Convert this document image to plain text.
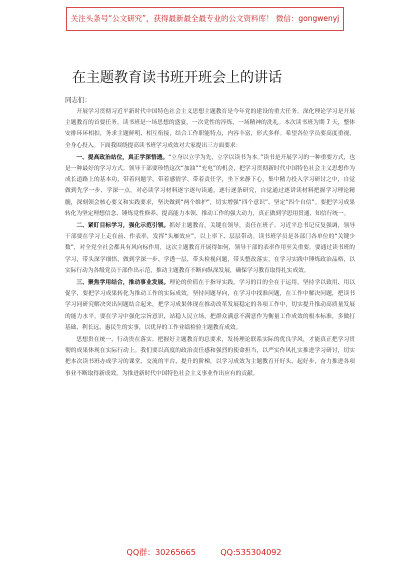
关注头条号“公文研究”，获得最新最全最专业的公文资料库！ 微信：gongwenyj
在主题教育读书班开班会上的讲话
同志们：

开展学习贯彻习近平新时代中国特色社会主义思想主题教育是今年党的建设的重大任务，深化理论学习是开展主题教育的首要任务。读书班是一场思想的盛宴，一次党性的淬炼，一场精神的洗礼。本次读书班为期 7 天，整体安排环环相扣，务求主题鲜明、相互衔接，结合工作职能特点，内容丰富，形式多样。希望各位学员要高度重视，全身心投入。下面我围绕提高读书班学习成效对大家提出三方面要求：

一、提高政治站位，真正学深悟透。“立身以立学为先，立学以读书为本。”读书是开展学习的一种重要方式，也是一种最好的学习方式。领导干部要珍惜这次“加油”“充电”的机会，把学习贯彻新时代中国特色社会主义思想作为成长道路上的基本功，带着问题学、带着感情学、带着责任学，坐下来静下心，集中精力投入学习研讨之中，自觉做到先学一步、学深一点，对必读学习材料逐字逐句读通，逐行逐条研究，自觉通过逐讲读材料把握学习理论精髓，深刻领会核心要义和实践要求，坚决做到“两个维护”，切实增强“四个意识”、坚定“四个自信”。要把学习成果转化为坚定理想信念、锤炼党性修养、提高能力本领、推动工作的强大动力，真正做到学思用贯通、知信行统一。

二、紧盯目标学习，强化示范引领。抓好主题教育，关键在领导，责任在班子。习近平总书记反复强调，领导干部要在学习上走在前、作表率，发挥“头雁效应”，以上率下、层层带动。读书班学员是各部门各单位的“关键少数”，对全党全社会都具有风向标作用，这次主题教育开展得如何，领导干部的表率作用至关重要。要通过读书班的学习，带头深学细悟，做到学深一步、学透一层，带头检视问题，带头整改落实，在学习实践中锤炼政治品格，以实际行动为各级党员干部作出示范，推动主题教育不断向纵深发展，确保学习教育取得扎实成效。

三、聚焦学用结合，推动事业发展。理论的价值在于指导实践，学习的目的全在于运用。坚持学以致用、用以促学，要把学习成果转化为推动工作的实际成效，坚持问题导向，在学习中找准问题，在工作中解决问题，把读书学习同研究解决突出问题结合起来，把学习成果体现在推动改革发展稳定的各项工作中，切实提升推动高质量发展的能力水平。要在学习中强化宗旨意识，站稳人民立场，把群众满意不满意作为衡量工作成效的根本标准，多做打基础、利长远、惠民生的实事，以优异的工作业绩检验主题教育成效。

思想贵在统一，行动贵在落实。把握好主题教育的总要求，发扬理论联系实际的优良学风，才能真正把学习贯彻的成果体现在实际行动上。我们要以高度的政治责任感和强烈的使命担当，以严实作风扎实推进学习研讨，切实把本次读书班办成学习的课堂、交流的平台、提升的阶梯，以学习成效为主题教育开好头、起好步，奋力推进各项事业不断取得新成效，为推进新时代中国特色社会主义事业作出应有的贡献。

QQ群：30265665	QQ:535304092
